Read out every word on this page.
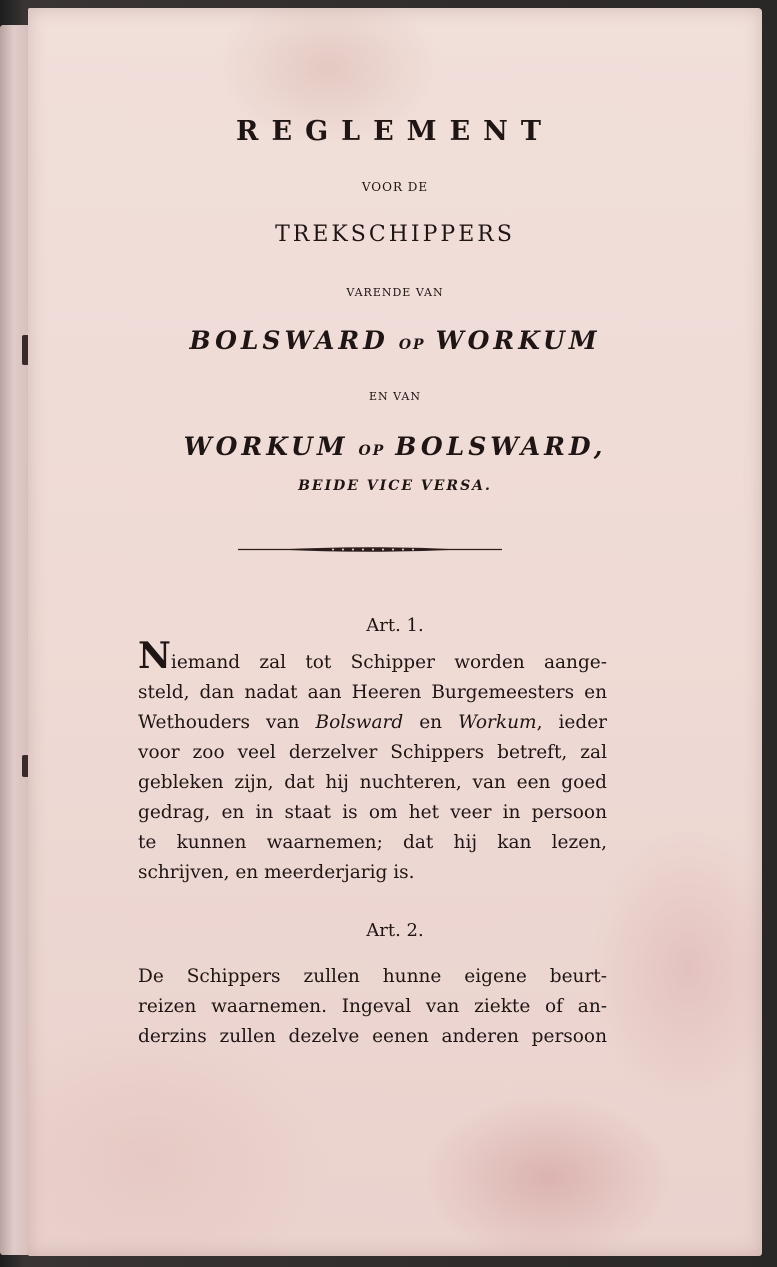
REGLEMENT
VOOR DE
TREKSCHIPPERS
VARENDE VAN
BOLSWARD OP WORKUM
EN VAN
WORKUM OP BOLSWARD,
BEIDE VICE VERSA.
Art. 1.
Niemand zal tot Schipper worden aange-
steld, dan nadat aan Heeren Burgemeesters en
Wethouders van Bolsward en Workum, ieder
voor zoo veel derzelver Schippers betreft, zal
gebleken zijn, dat hij nuchteren, van een goed
gedrag, en in staat is om het veer in persoon
te kunnen waarnemen; dat hij kan lezen,
schrijven, en meerderjarig is.
Art. 2.
De Schippers zullen hunne eigene beurt-
reizen waarnemen. Ingeval van ziekte of an-
derzins zullen dezelve eenen anderen persoon
